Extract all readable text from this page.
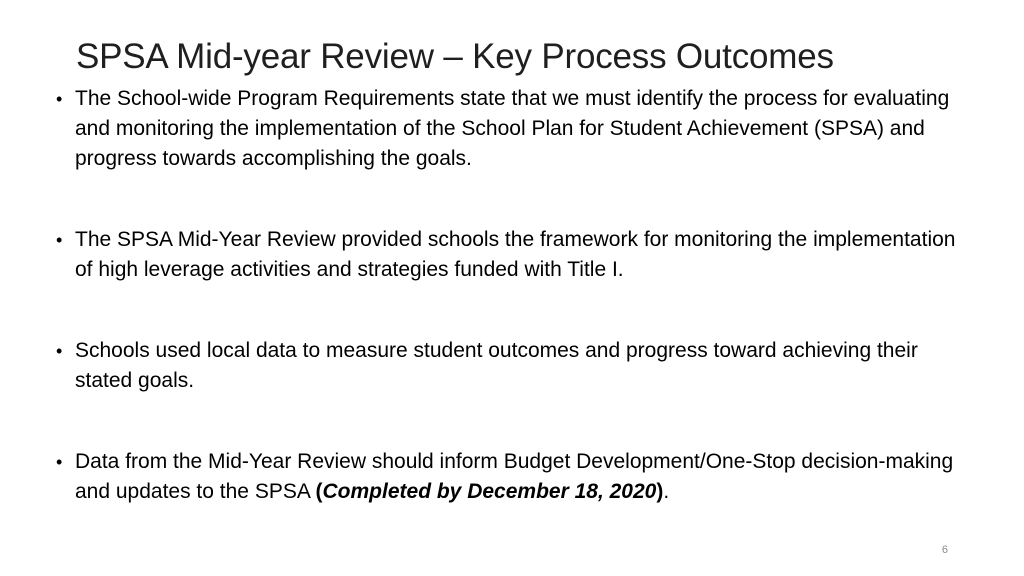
SPSA Mid-year Review – Key Process Outcomes
• The School-wide Program Requirements state that we must identify the process for evaluating and monitoring the implementation of the School Plan for Student Achievement (SPSA) and progress towards accomplishing the goals.
• The SPSA Mid-Year Review provided schools the framework for monitoring the implementation of high leverage activities and strategies funded with Title I.
• Schools used local data to measure student outcomes and progress toward achieving their stated goals.
• Data from the Mid-Year Review should inform Budget Development/One-Stop decision-making and updates to the SPSA (Completed by December 18, 2020).
6
